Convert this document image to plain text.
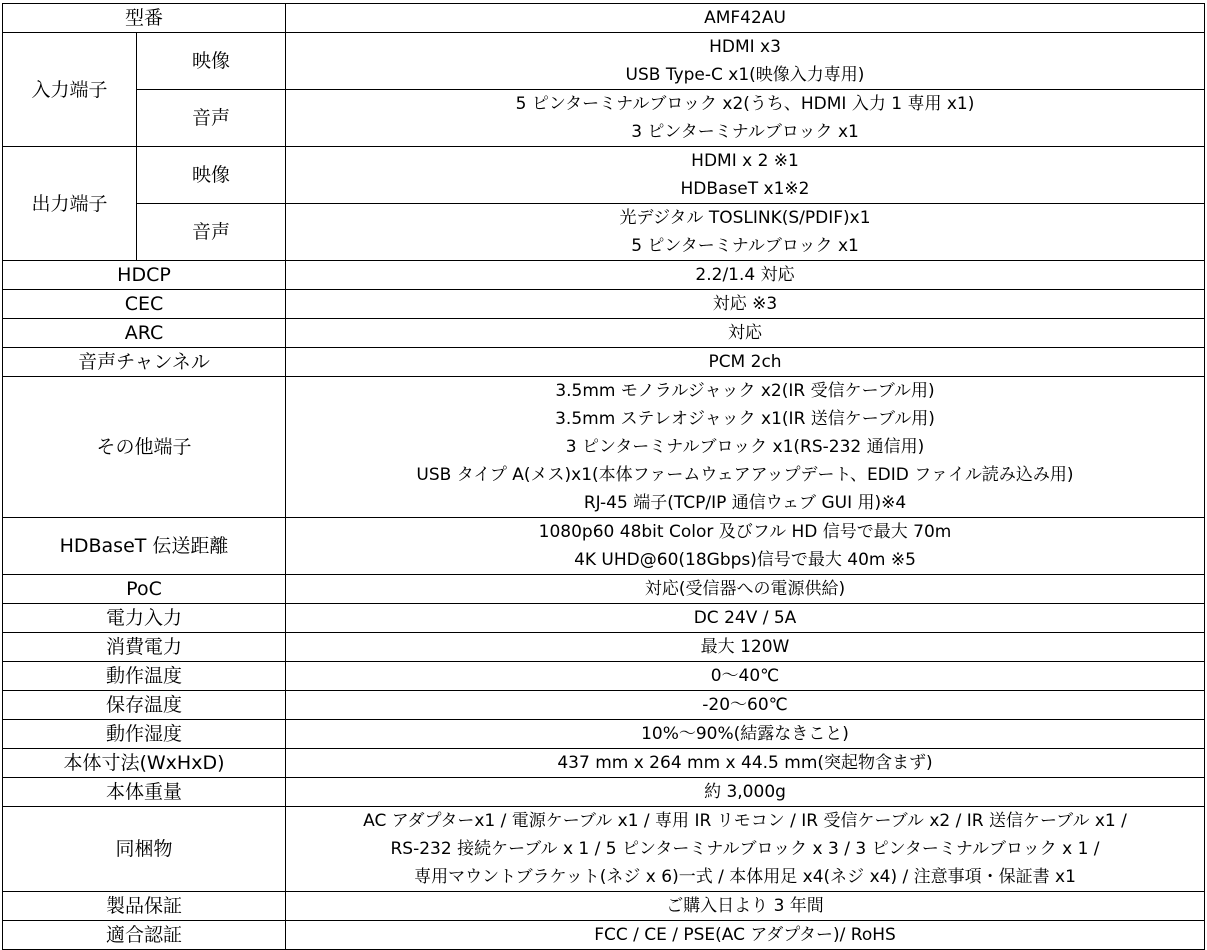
型番		AMF42AU
入力端子	映像	HDMI x3
USB Type-C x1(映像入力専用)

	音声	5 ピンターミナルブロック x2(うち、HDMI 入力 1 専用 x1)
3 ピンターミナルブロック x1

出力端子	映像	HDMI x 2 ※1
HDBaseT x1※2

	音声	光デジタル TOSLINK(S/PDIF)x1
5 ピンターミナルブロック x1

HDCP		2.2/1.4 対応
CEC		対応 ※3
ARC		対応
音声チャンネル		PCM 2ch
その他端子		3.5mm モノラルジャック x2(IR 受信ケーブル用)
3.5mm ステレオジャック x1(IR 送信ケーブル用)
3 ピンターミナルブロック x1(RS-232 通信用)
USB タイプ A(メス)x1(本体ファームウェアアップデート、EDID ファイル読み込み用)
RJ-45 端子(TCP/IP 通信ウェブ GUI 用)※4

HDBaseT 伝送距離		1080p60 48bit Color 及びフル HD 信号で最大 70m
4K UHD@60(18Gbps)信号で最大 40m ※5

PoC		対応(受信器への電源供給)
電力入力		DC 24V / 5A
消費電力		最大 120W
動作温度		0～40℃
保存温度		-20～60℃
動作湿度		10%～90%(結露なきこと)
本体寸法(WxHxD)		437 mm x 264 mm x 44.5 mm(突起物含まず)
本体重量		約 3,000g
同梱物		AC アダプターx1 / 電源ケーブル x1 / 専用 IR リモコン / IR 受信ケーブル x2 / IR 送信ケーブル x1 /
RS-232 接続ケーブル x 1 / 5 ピンターミナルブロック x 3 / 3 ピンターミナルブロック x 1 /
専用マウントブラケット(ネジ x 6)一式 / 本体用足 x4(ネジ x4) / 注意事項・保証書 x1

製品保証		ご購入日より 3 年間
適合認証		FCC / CE / PSE(AC アダプター)/ RoHS
